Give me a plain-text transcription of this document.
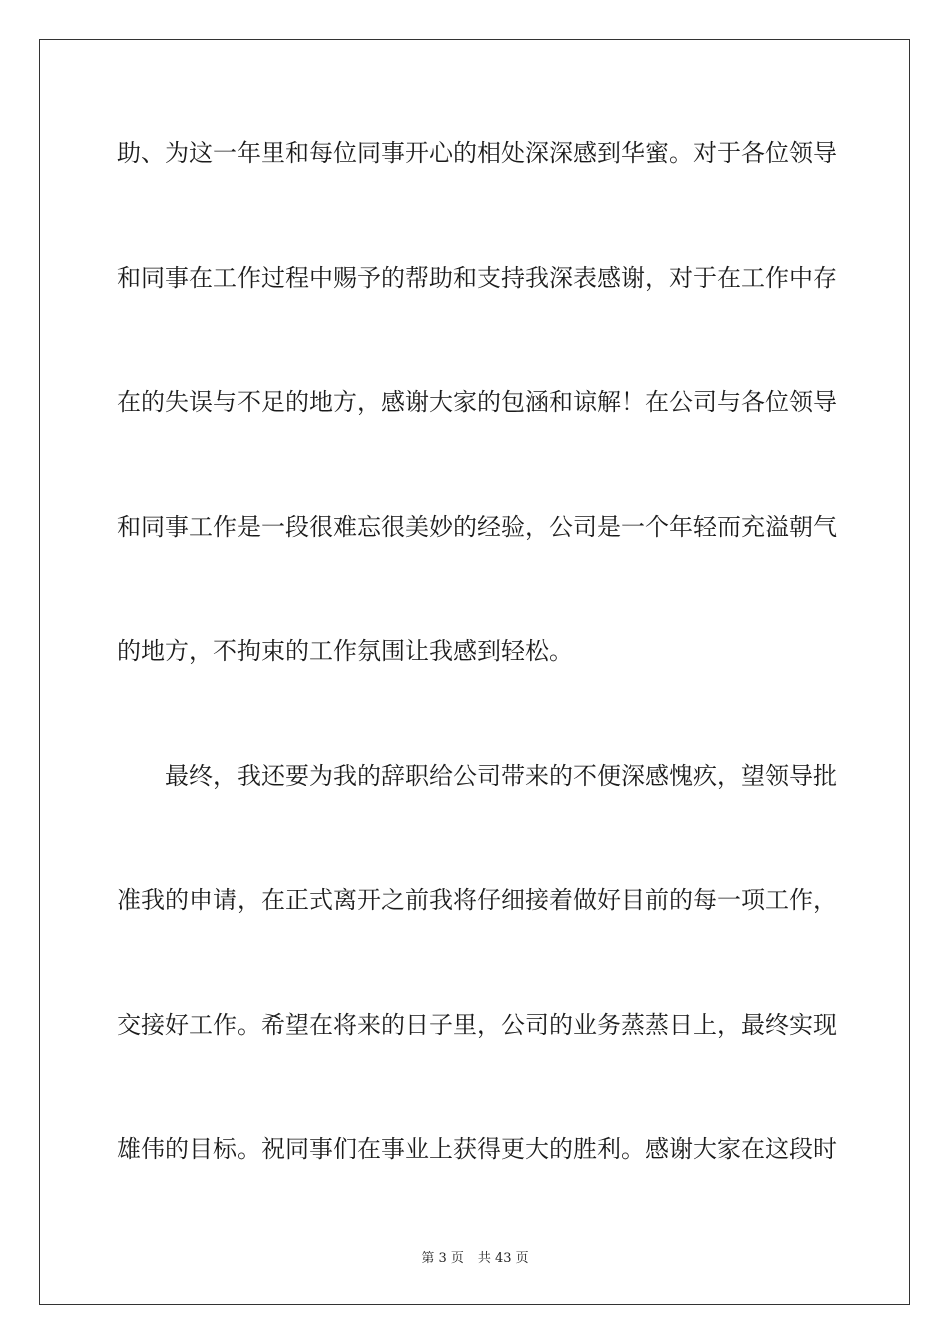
助、为这一年里和每位同事开心的相处深深感到华蜜。对于各位领导
和同事在工作过程中赐予的帮助和支持我深表感谢，对于在工作中存
在的失误与不足的地方，感谢大家的包涵和谅解！在公司与各位领导
和同事工作是一段很难忘很美妙的经验，公司是一个年轻而充溢朝气
的地方，不拘束的工作氛围让我感到轻松。
最终，我还要为我的辞职给公司带来的不便深感愧疚，望领导批
准我的申请，在正式离开之前我将仔细接着做好目前的每一项工作，
交接好工作。希望在将来的日子里，公司的业务蒸蒸日上，最终实现
雄伟的目标。祝同事们在事业上获得更大的胜利。感谢大家在这段时
第 3 页 共 43 页
